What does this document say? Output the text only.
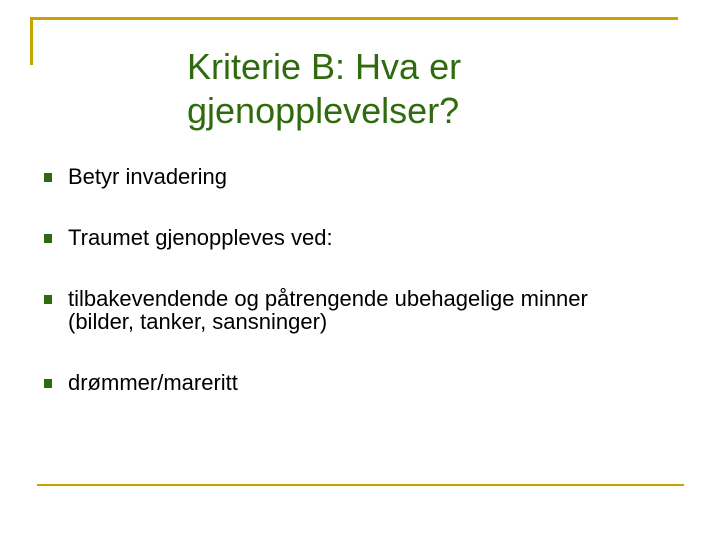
Kriterie B: Hva er
gjenopplevelser?
Betyr invadering
Traumet gjenoppleves ved:
tilbakevendende og påtrengende ubehagelige minner (bilder, tanker, sansninger)
drømmer/mareritt
